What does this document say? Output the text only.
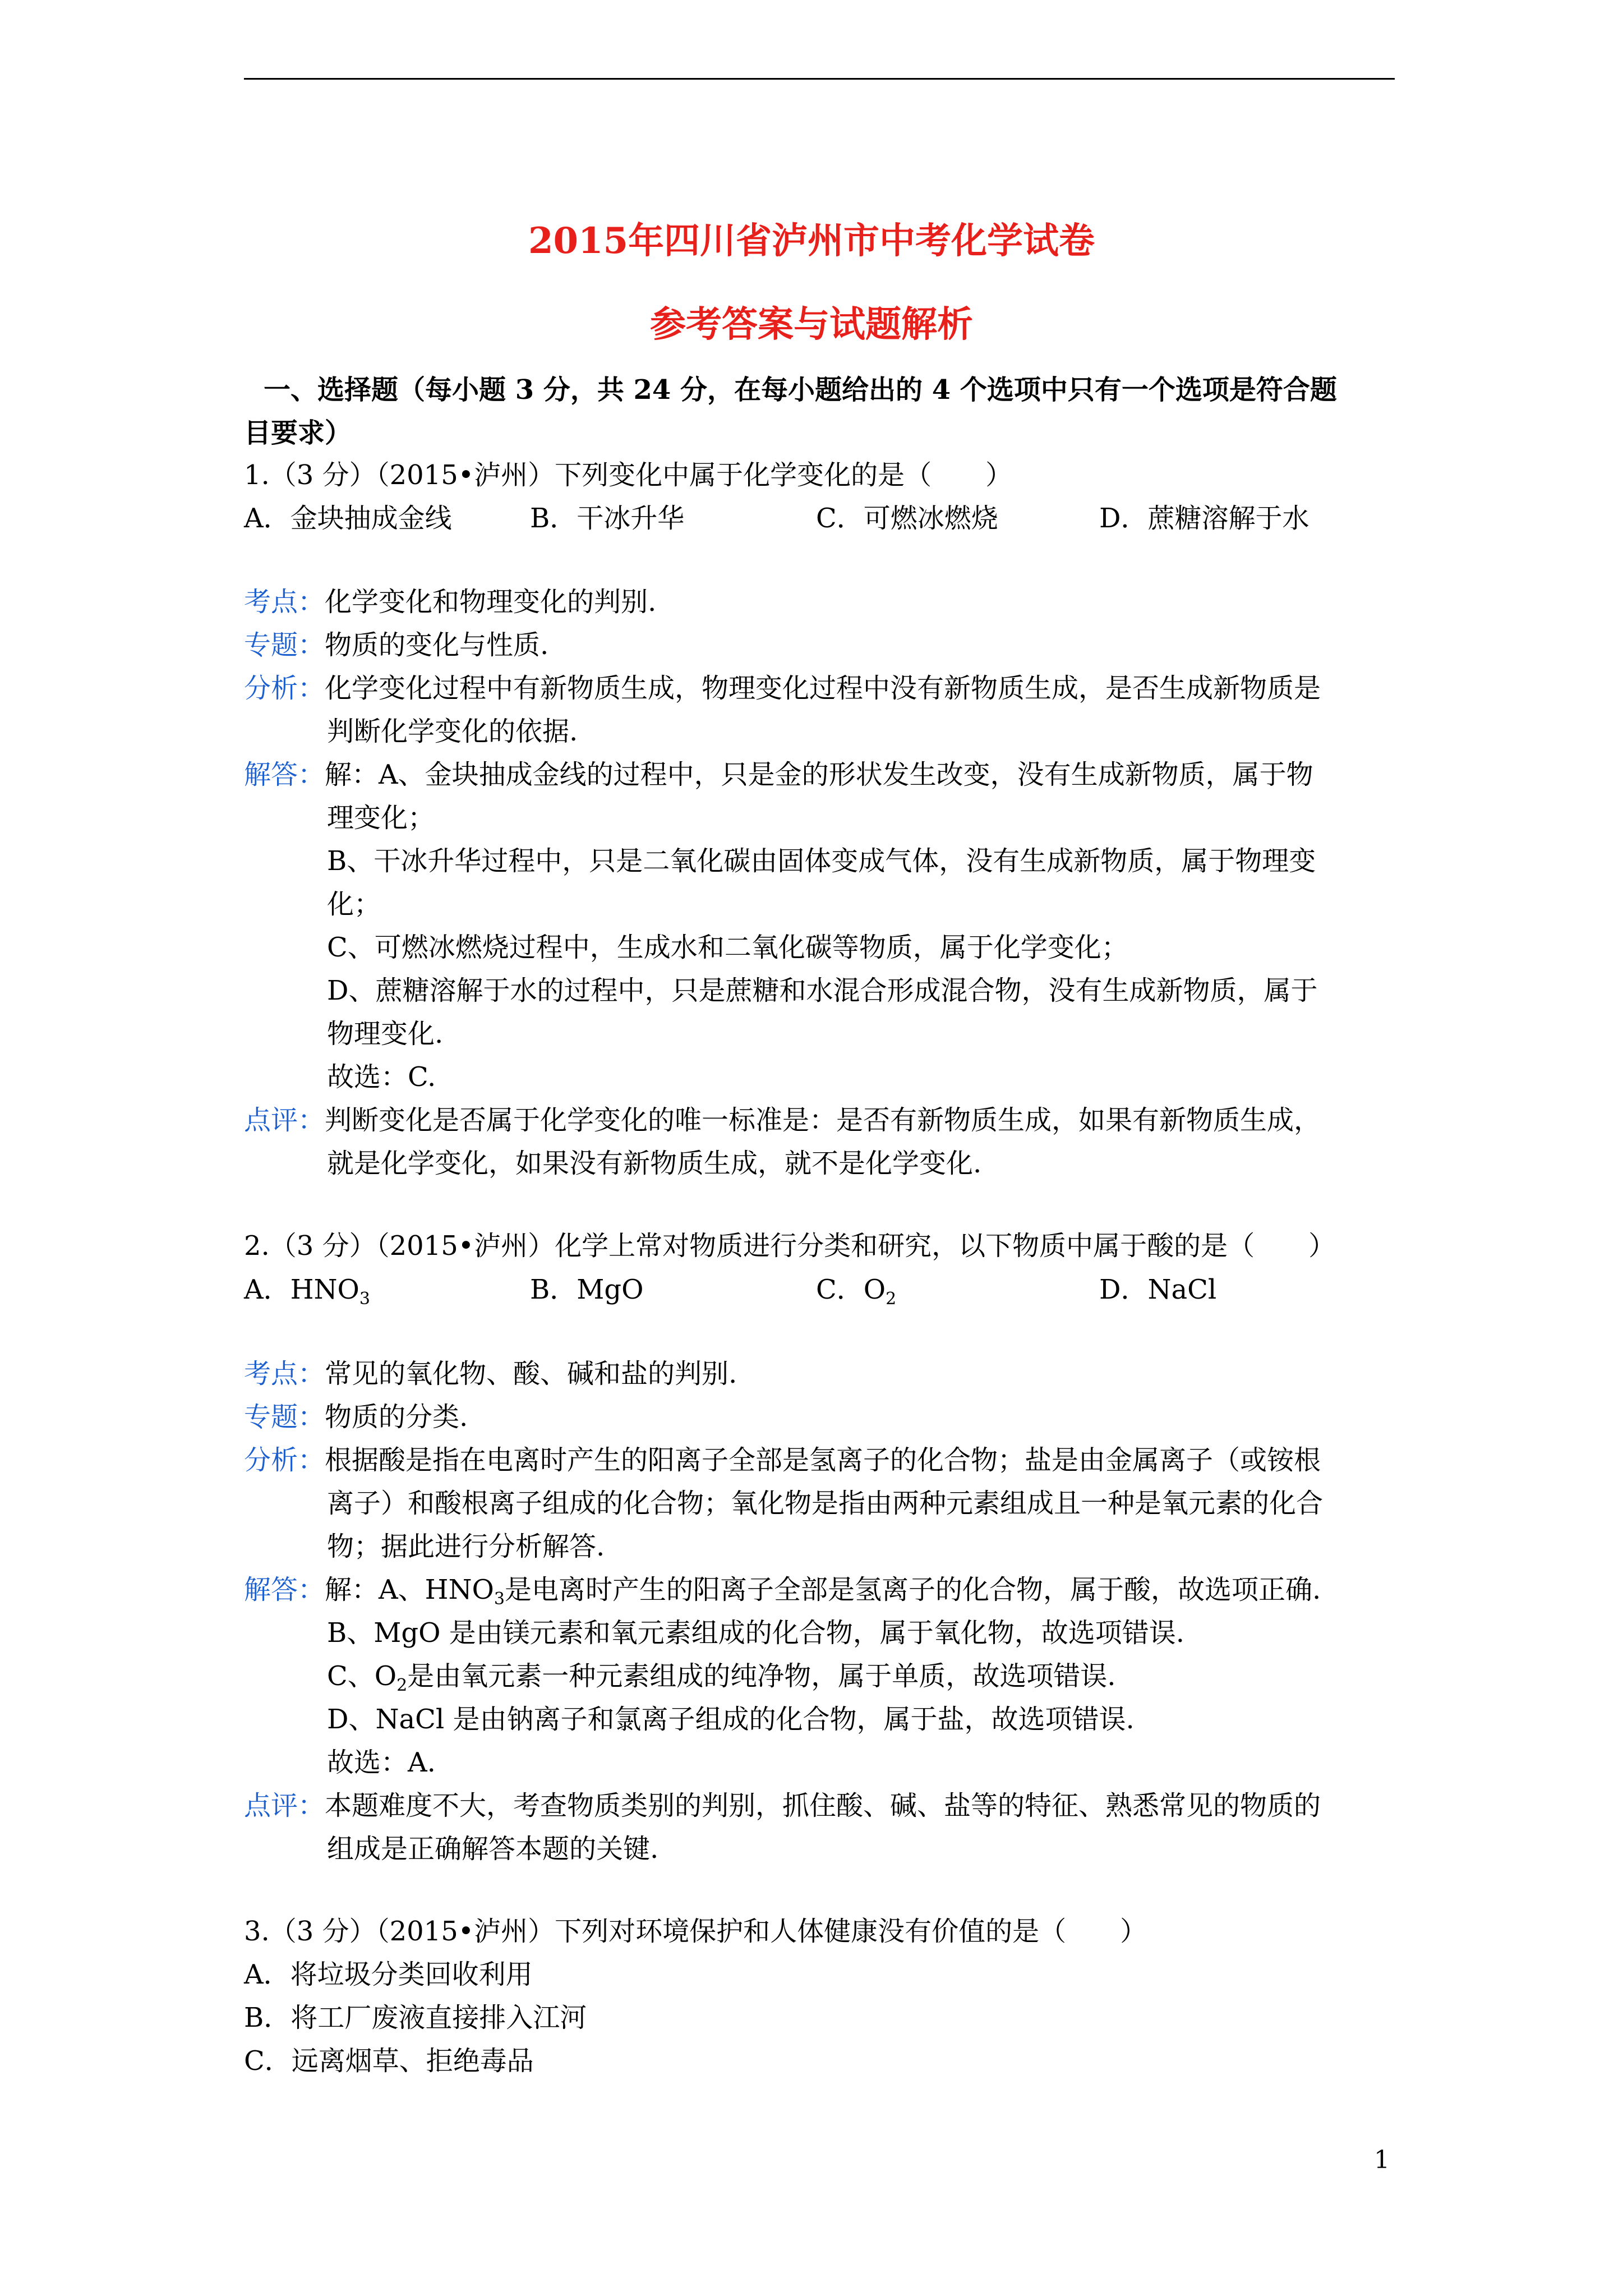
2015年四川省泸州市中考化学试卷
参考答案与试题解析
一、选择题（每小题 3 分，共 24 分，在每小题给出的 4 个选项中只有一个选项是符合题
目要求）
1.（3 分）（2015•泸州）下列变化中属于化学变化的是（　　）
A．金块抽成金线	B．干冰升华	C．可燃冰燃烧	D．蔗糖溶解于水
考点：化学变化和物理变化的判别.
专题：物质的变化与性质.
分析：化学变化过程中有新物质生成，物理变化过程中没有新物质生成，是否生成新物质是
判断化学变化的依据.
解答：解：A、金块抽成金线的过程中，只是金的形状发生改变，没有生成新物质，属于物
理变化；
B、干冰升华过程中，只是二氧化碳由固体变成气体，没有生成新物质，属于物理变
化；
C、可燃冰燃烧过程中，生成水和二氧化碳等物质，属于化学变化；
D、蔗糖溶解于水的过程中，只是蔗糖和水混合形成混合物，没有生成新物质，属于
物理变化.
故选：C.
点评：判断变化是否属于化学变化的唯一标准是：是否有新物质生成，如果有新物质生成，
就是化学变化，如果没有新物质生成，就不是化学变化.
2.（3 分）（2015•泸州）化学上常对物质进行分类和研究，以下物质中属于酸的是（　　）
A．$HNO_3$	B．MgO	C．$O_2$	D．NaCl
考点：常见的氧化物、酸、碱和盐的判别.
专题：物质的分类.
分析：根据酸是指在电离时产生的阳离子全部是氢离子的化合物；盐是由金属离子（或铵根
离子）和酸根离子组成的化合物；氧化物是指由两种元素组成且一种是氧元素的化合
物；据此进行分析解答.
解答：解：A、$HNO_3$是电离时产生的阳离子全部是氢离子的化合物，属于酸，故选项正确.
B、MgO 是由镁元素和氧元素组成的化合物，属于氧化物，故选项错误.
C、$O_2$是由氧元素一种元素组成的纯净物，属于单质，故选项错误.
D、NaCl 是由钠离子和氯离子组成的化合物，属于盐，故选项错误.
故选：A.
点评：本题难度不大，考查物质类别的判别，抓住酸、碱、盐等的特征、熟悉常见的物质的
组成是正确解答本题的关键.
3.（3 分）（2015•泸州）下列对环境保护和人体健康没有价值的是（　　）
A．将垃圾分类回收利用
B．将工厂废液直接排入江河
C．远离烟草、拒绝毒品
1
